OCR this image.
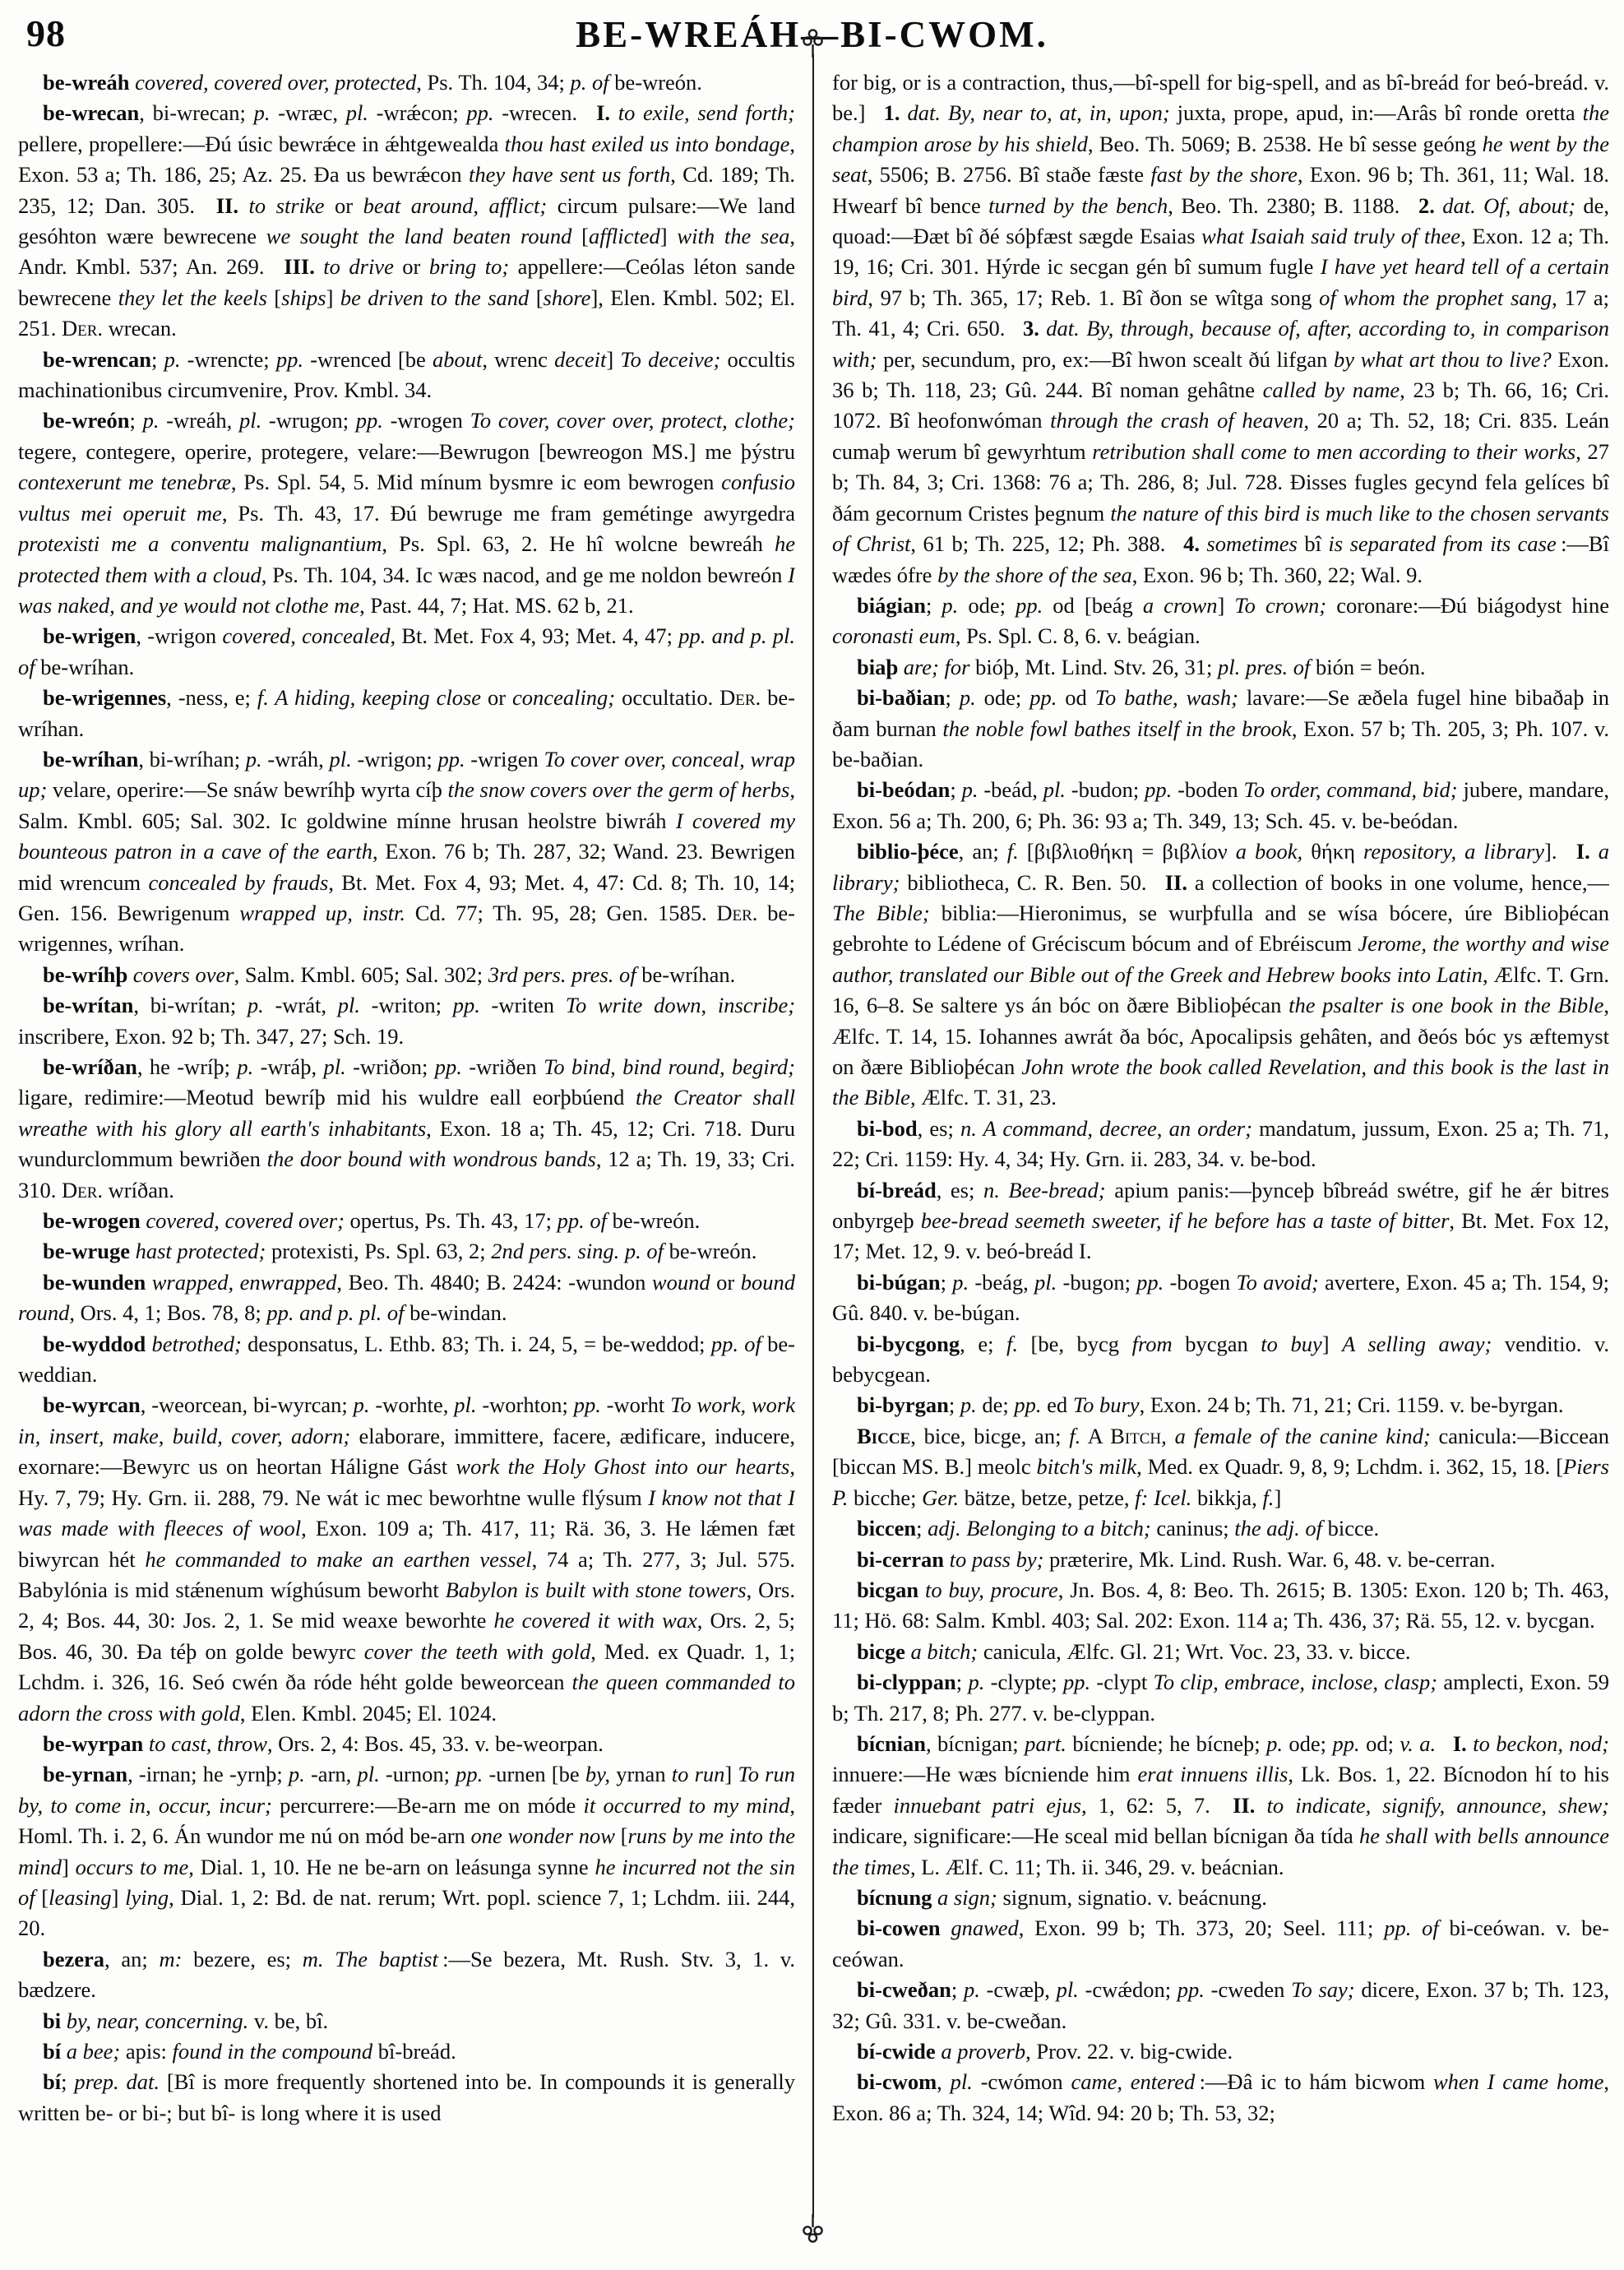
98	BE-WREÁH—BI-CWOM.

be-wreáh covered, covered over, protected, Ps. Th. 104, 34; p. of be-wreón.

be-wrecan, bi-wrecan; p. -wræc, pl. -wrǽcon; pp. -wrecen.  I. to exile, send forth; pellere, propellere:—Ðú úsic bewrǽce in ǽhtgewealda thou hast exiled us into bondage, Exon. 53 a; Th. 186, 25; Az. 25. Ða us bewrǽcon they have sent us forth, Cd. 189; Th. 235, 12; Dan. 305.  II. to strike or beat around, afflict; circum pulsare:—We land gesóhton wære bewrecene we sought the land beaten round [afflicted] with the sea, Andr. Kmbl. 537; An. 269.  III. to drive or bring to; appellere:—Ceólas léton sande bewrecene they let the keels [ships] be driven to the sand [shore], Elen. Kmbl. 502; El. 251. Der. wrecan.

be-wrencan; p. -wrencte; pp. -wrenced [be about, wrenc deceit] To deceive; occultis machinationibus circumvenire, Prov. Kmbl. 34.

be-wreón; p. -wreáh, pl. -wrugon; pp. -wrogen To cover, cover over, protect, clothe; tegere, contegere, operire, protegere, velare:—Bewrugon [bewreogon MS.] me þýstru contexerunt me tenebræ, Ps. Spl. 54, 5. Mid mínum bysmre ic eom bewrogen confusio vultus mei operuit me, Ps. Th. 43, 17. Ðú bewruge me fram gemétinge awyrgedra protexisti me a conventu malignantium, Ps. Spl. 63, 2. He hî wolcne bewreáh he protected them with a cloud, Ps. Th. 104, 34. Ic wæs nacod, and ge me noldon bewreón I was naked, and ye would not clothe me, Past. 44, 7; Hat. MS. 62 b, 21.

be-wrigen, -wrigon covered, concealed, Bt. Met. Fox 4, 93; Met. 4, 47; pp. and p. pl. of be-wríhan.

be-wrigennes, -ness, e; f. A hiding, keeping close or concealing; occultatio. Der. be-wríhan.

be-wríhan, bi-wríhan; p. -wráh, pl. -wrigon; pp. -wrigen To cover over, conceal, wrap up; velare, operire:—Se snáw bewríhþ wyrta cíþ the snow covers over the germ of herbs, Salm. Kmbl. 605; Sal. 302. Ic goldwine mínne hrusan heolstre biwráh I covered my bounteous patron in a cave of the earth, Exon. 76 b; Th. 287, 32; Wand. 23. Bewrigen mid wrencum concealed by frauds, Bt. Met. Fox 4, 93; Met. 4, 47: Cd. 8; Th. 10, 14; Gen. 156. Bewrigenum wrapped up, instr. Cd. 77; Th. 95, 28; Gen. 1585. Der. be-wrigennes, wríhan.

be-wríhþ covers over, Salm. Kmbl. 605; Sal. 302; 3rd pers. pres. of be-wríhan.

be-wrítan, bi-wrítan; p. -wrát, pl. -writon; pp. -writen To write down, inscribe; inscribere, Exon. 92 b; Th. 347, 27; Sch. 19.

be-wríðan, he -wríþ; p. -wráþ, pl. -wriðon; pp. -wriðen To bind, bind round, begird; ligare, redimire:—Meotud bewríþ mid his wuldre eall eorþbúend the Creator shall wreathe with his glory all earth's inhabitants, Exon. 18 a; Th. 45, 12; Cri. 718. Duru wundurclommum bewriðen the door bound with wondrous bands, 12 a; Th. 19, 33; Cri. 310. Der. wríðan.

be-wrogen covered, covered over; opertus, Ps. Th. 43, 17; pp. of be-wreón.

be-wruge hast protected; protexisti, Ps. Spl. 63, 2; 2nd pers. sing. p. of be-wreón.

be-wunden wrapped, enwrapped, Beo. Th. 4840; B. 2424: -wundon wound or bound round, Ors. 4, 1; Bos. 78, 8; pp. and p. pl. of be-windan.

be-wyddod betrothed; desponsatus, L. Ethb. 83; Th. i. 24, 5, = be-weddod; pp. of be-weddian.

be-wyrcan, -weorcean, bi-wyrcan; p. -worhte, pl. -worhton; pp. -worht To work, work in, insert, make, build, cover, adorn; elaborare, immittere, facere, ædificare, inducere, exornare:—Bewyrc us on heortan Háligne Gást work the Holy Ghost into our hearts, Hy. 7, 79; Hy. Grn. ii. 288, 79. Ne wát ic mec beworhtne wulle flýsum I know not that I was made with fleeces of wool, Exon. 109 a; Th. 417, 11; Rä. 36, 3. He lǽmen fæt biwyrcan hét he commanded to make an earthen vessel, 74 a; Th. 277, 3; Jul. 575. Babylónia is mid stǽnenum wíghúsum beworht Babylon is built with stone towers, Ors. 2, 4; Bos. 44, 30: Jos. 2, 1. Se mid weaxe beworhte he covered it with wax, Ors. 2, 5; Bos. 46, 30. Ða téþ on golde bewyrc cover the teeth with gold, Med. ex Quadr. 1, 1; Lchdm. i. 326, 16. Seó cwén ða róde héht golde beweorcean the queen commanded to adorn the cross with gold, Elen. Kmbl. 2045; El. 1024.

be-wyrpan to cast, throw, Ors. 2, 4: Bos. 45, 33. v. be-weorpan.

be-yrnan, -irnan; he -yrnþ; p. -arn, pl. -urnon; pp. -urnen [be by, yrnan to run] To run by, to come in, occur, incur; percurrere:—Be-arn me on móde it occurred to my mind, Homl. Th. i. 2, 6. Án wundor me nú on mód be-arn one wonder now [runs by me into the mind] occurs to me, Dial. 1, 10. He ne be-arn on leásunga synne he incurred not the sin of [leasing] lying, Dial. 1, 2: Bd. de nat. rerum; Wrt. popl. science 7, 1; Lchdm. iii. 244, 20.

bezera, an; m: bezere, es; m. The baptist :—Se bezera, Mt. Rush. Stv. 3, 1. v. bædzere.

bi by, near, concerning. v. be, bî.

bí a bee; apis: found in the compound bî-breád.

bí; prep. dat. [Bî is more frequently shortened into be. In compounds it is generally written be- or bi-; but bî- is long where it is used

for big, or is a contraction, thus,—bî-spell for big-spell, and as bî-breád for beó-breád. v. be.]  1. dat. By, near to, at, in, upon; juxta, prope, apud, in:—Arâs bî ronde oretta the champion arose by his shield, Beo. Th. 5069; B. 2538. He bî sesse geóng he went by the seat, 5506; B. 2756. Bî staðe fæste fast by the shore, Exon. 96 b; Th. 361, 11; Wal. 18. Hwearf bî bence turned by the bench, Beo. Th. 2380; B. 1188.  2. dat. Of, about; de, quoad:—Ðæt bî ðé sóþfæst sægde Esaias what Isaiah said truly of thee, Exon. 12 a; Th. 19, 16; Cri. 301. Hýrde ic secgan gén bî sumum fugle I have yet heard tell of a certain bird, 97 b; Th. 365, 17; Reb. 1. Bî ðon se wîtga song of whom the prophet sang, 17 a; Th. 41, 4; Cri. 650.  3. dat. By, through, because of, after, according to, in comparison with; per, secundum, pro, ex:—Bî hwon scealt ðú lifgan by what art thou to live? Exon. 36 b; Th. 118, 23; Gû. 244. Bî noman gehâtne called by name, 23 b; Th. 66, 16; Cri. 1072. Bî heofonwóman through the crash of heaven, 20 a; Th. 52, 18; Cri. 835. Leán cumaþ werum bî gewyrhtum retribution shall come to men according to their works, 27 b; Th. 84, 3; Cri. 1368: 76 a; Th. 286, 8; Jul. 728. Ðisses fugles gecynd fela gelíces bî ðám gecornum Cristes þegnum the nature of this bird is much like to the chosen servants of Christ, 61 b; Th. 225, 12; Ph. 388.  4. sometimes bî is separated from its case :—Bî wædes ófre by the shore of the sea, Exon. 96 b; Th. 360, 22; Wal. 9.

biágian; p. ode; pp. od [beág a crown] To crown; coronare:—Ðú biágodyst hine coronasti eum, Ps. Spl. C. 8, 6. v. beágian.

biaþ are; for bióþ, Mt. Lind. Stv. 26, 31; pl. pres. of bión = beón.

bi-baðian; p. ode; pp. od To bathe, wash; lavare:—Se æðela fugel hine bibaðaþ in ðam burnan the noble fowl bathes itself in the brook, Exon. 57 b; Th. 205, 3; Ph. 107. v. be-baðian.

bi-beódan; p. -beád, pl. -budon; pp. -boden To order, command, bid; jubere, mandare, Exon. 56 a; Th. 200, 6; Ph. 36: 93 a; Th. 349, 13; Sch. 45. v. be-beódan.

biblio-þéce, an; f. [βιβλιοθήκη = βιβλίον a book, θήκη repository, a library].  I. a library; bibliotheca, C. R. Ben. 50.  II. a collection of books in one volume, hence,—The Bible; biblia:—Hieronimus, se wurþfulla and se wísa bócere, úre Biblioþécan gebrohte to Lédene of Gréciscum bócum and of Ebréiscum Jerome, the worthy and wise author, translated our Bible out of the Greek and Hebrew books into Latin, Ælfc. T. Grn. 16, 6–8. Se saltere ys án bóc on ðære Biblioþécan the psalter is one book in the Bible, Ælfc. T. 14, 15. Iohannes awrát ða bóc, Apocalipsis gehâten, and ðeós bóc ys æftemyst on ðære Biblioþécan John wrote the book called Revelation, and this book is the last in the Bible, Ælfc. T. 31, 23.

bi-bod, es; n. A command, decree, an order; mandatum, jussum, Exon. 25 a; Th. 71, 22; Cri. 1159: Hy. 4, 34; Hy. Grn. ii. 283, 34. v. be-bod.

bí-breád, es; n. Bee-bread; apium panis:—þynceþ bîbreád swétre, gif he ǽr bitres onbyrgeþ bee-bread seemeth sweeter, if he before has a taste of bitter, Bt. Met. Fox 12, 17; Met. 12, 9. v. beó-breád I.

bi-búgan; p. -beág, pl. -bugon; pp. -bogen To avoid; avertere, Exon. 45 a; Th. 154, 9; Gû. 840. v. be-búgan.

bi-bycgong, e; f. [be, bycg from bycgan to buy] A selling away; venditio. v. bebycgean.

bi-byrgan; p. de; pp. ed To bury, Exon. 24 b; Th. 71, 21; Cri. 1159. v. be-byrgan.

Bicce, bice, bicge, an; f. A Bitch, a female of the canine kind; canicula:—Biccean [biccan MS. B.] meolc bitch's milk, Med. ex Quadr. 9, 8, 9; Lchdm. i. 362, 15, 18. [Piers P. bicche; Ger. bätze, betze, petze, f: Icel. bikkja, f.]

biccen; adj. Belonging to a bitch; caninus; the adj. of bicce.

bi-cerran to pass by; præterire, Mk. Lind. Rush. War. 6, 48. v. be-cerran.

bicgan to buy, procure, Jn. Bos. 4, 8: Beo. Th. 2615; B. 1305: Exon. 120 b; Th. 463, 11; Hö. 68: Salm. Kmbl. 403; Sal. 202: Exon. 114 a; Th. 436, 37; Rä. 55, 12. v. bycgan.

bicge a bitch; canicula, Ælfc. Gl. 21; Wrt. Voc. 23, 33. v. bicce.

bi-clyppan; p. -clypte; pp. -clypt To clip, embrace, inclose, clasp; amplecti, Exon. 59 b; Th. 217, 8; Ph. 277. v. be-clyppan.

bícnian, bícnigan; part. bícniende; he bícneþ; p. ode; pp. od; v. a.  I. to beckon, nod; innuere:—He wæs bícniende him erat innuens illis, Lk. Bos. 1, 22. Bícnodon hí to his fæder innuebant patri ejus, 1, 62: 5, 7.  II. to indicate, signify, announce, shew; indicare, significare:—He sceal mid bellan bícnigan ða tída he shall with bells announce the times, L. Ælf. C. 11; Th. ii. 346, 29. v. beácnian.

bícnung a sign; signum, signatio. v. beácnung.

bi-cowen gnawed, Exon. 99 b; Th. 373, 20; Seel. 111; pp. of bi-ceówan. v. be-ceówan.

bi-cweðan; p. -cwæþ, pl. -cwǽdon; pp. -cweden To say; dicere, Exon. 37 b; Th. 123, 32; Gû. 331. v. be-cweðan.

bí-cwide a proverb, Prov. 22. v. big-cwide.

bi-cwom, pl. -cwómon came, entered :—Ðâ ic to hám bicwom when I came home, Exon. 86 a; Th. 324, 14; Wîd. 94: 20 b; Th. 53, 32;
